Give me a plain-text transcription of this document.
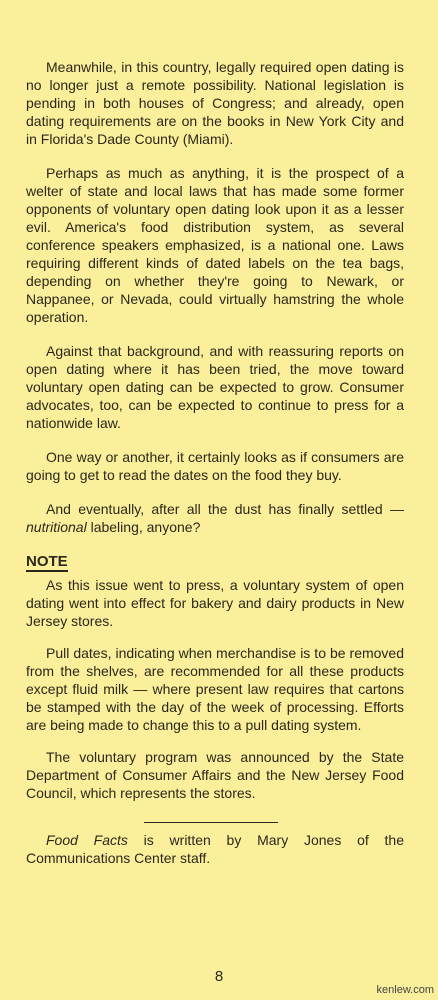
Meanwhile, in this country, legally required open dating is no longer just a remote possibility. National legislation is pending in both houses of Congress; and already, open dating requirements are on the books in New York City and in Florida's Dade County (Miami).

Perhaps as much as anything, it is the prospect of a welter of state and local laws that has made some former opponents of voluntary open dating look upon it as a lesser evil. America's food distribution system, as several conference speakers emphasized, is a national one. Laws requiring different kinds of dated labels on the tea bags, depending on whether they're going to Newark, or Nappanee, or Nevada, could virtually hamstring the whole operation.

Against that background, and with reassuring reports on open dating where it has been tried, the move toward voluntary open dating can be expected to grow. Consumer advocates, too, can be expected to continue to press for a nationwide law.

One way or another, it certainly looks as if consumers are going to get to read the dates on the food they buy.

And eventually, after all the dust has finally settled — nutritional labeling, anyone?

NOTE

As this issue went to press, a voluntary system of open dating went into effect for bakery and dairy products in New Jersey stores.

Pull dates, indicating when merchandise is to be removed from the shelves, are recommended for all these products except fluid milk — where present law requires that cartons be stamped with the day of the week of processing. Efforts are being made to change this to a pull dating system.

The voluntary program was announced by the State Department of Consumer Affairs and the New Jersey Food Council, which represents the stores.

Food Facts is written by Mary Jones of the Communications Center staff.

8
kenlew.com
